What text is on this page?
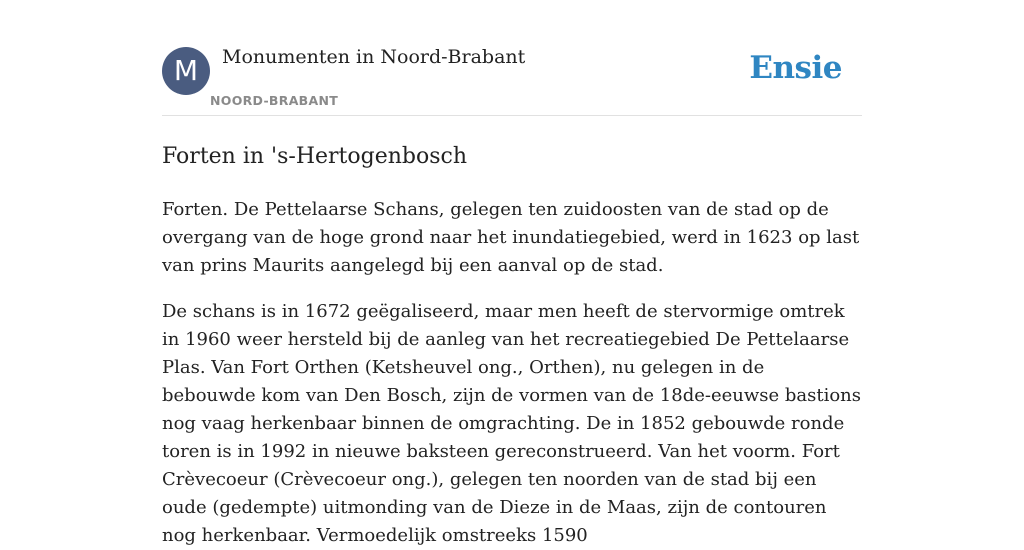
M	Monumenten in Noord-Brabant
NOORD-BRABANT
Ensie
Forten in 's-Hertogenbosch

Forten. De Pettelaarse Schans, gelegen ten zuidoosten van de stad op de overgang van de hoge grond naar het inundatiegebied, werd in 1623 op last van prins Maurits aangelegd bij een aanval op de stad.

De schans is in 1672 geëgaliseerd, maar men heeft de stervormige omtrek in 1960 weer hersteld bij de aanleg van het recreatiegebied De Pettelaarse Plas. Van Fort Orthen (Ketsheuvel ong., Orthen), nu gelegen in de bebouwde kom van Den Bosch, zijn de vormen van de 18de-eeuwse bastions nog vaag herkenbaar binnen de omgrachting. De in 1852 gebouwde ronde toren is in 1992 in nieuwe baksteen gereconstrueerd. Van het voorm. Fort Crèvecoeur (Crèvecoeur ong.), gelegen ten noorden van de stad bij een oude (gedempte) uitmonding van de Dieze in de Maas, zijn de contouren nog herkenbaar. Vermoedelijk omstreeks 1590
